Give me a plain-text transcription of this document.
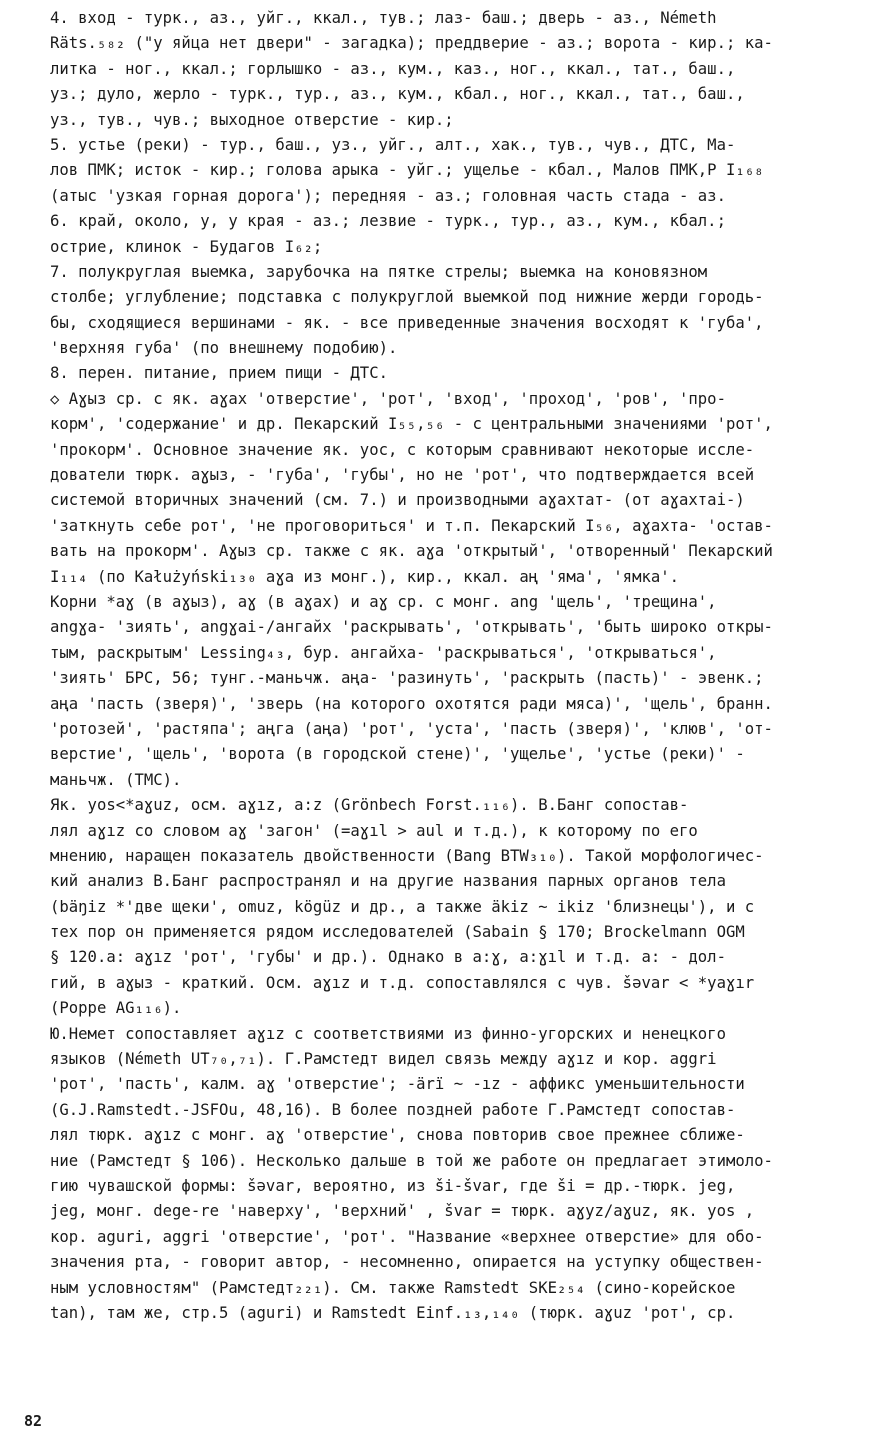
4. вход - турк., аз., уйг., ккал., тув.; лаз- баш.; дверь - аз., Németh
Räts.₅₈₂ ("у яйца нет двери" - загадка); преддверие - аз.; ворота - кир.; ка-
литка - ног., ккал.; горлышко - аз., кум., каз., ног., ккал., тат., баш.,
уз.; дуло, жерло - турк., тур., аз., кум., кбал., ног., ккал., тат., баш.,
уз., тув., чув.; выходное отверстие - кир.;
5. устье (реки) - тур., баш., уз., уйг., алт., хак., тув., чув., ДТС, Ма-
лов ПМК; исток - кир.; голова арыка - уйг.; ущелье - кбал., Малов ПМК,Р I₁₆₈
(атыс 'узкая горная дорога'); передняя - аз.; головная часть стада - аз.
6. край, около, у, у края - аз.; лезвие - турк., тур., аз., кум., кбал.;
острие, клинок - Будагов I₆₂;
7. полукруглая выемка, зарубочка на пятке стрелы; выемка на коновязном
столбе; углубление; подставка с полукруглой выемкой под нижние жерди городь-
бы, сходящиеся вершинами - як. - все приведенные значения восходят к 'губа',
'верхняя губа' (по внешнему подобию).
8. перен. питание, прием пищи - ДТС.
◇ Аɣыз ср. с як. аɣах 'отверстие', 'рот', 'вход', 'проход', 'ров', 'про-
корм', 'содержание' и др. Пекарский I₅₅,₅₆ - с центральными значениями 'рот',
'прокорм'. Основное значение як. уос, с которым сравнивают некоторые иссле-
дователи тюрк. аɣыз, - 'губа', 'губы', но не 'рот', что подтверждается всей
системой вторичных значений (см. 7.) и производными аɣахтат- (от аɣахтаі-)
'заткнуть себе рот', 'не проговориться' и т.п. Пекарский I₅₆, аɣахта- 'остав-
вать на прокорм'. Аɣыз ср. также с як. аɣа 'открытый', 'отворенный' Пекарский
I₁₁₄ (по Kałużyński₁₃₀ аɣа из монг.), кир., ккал. аң 'яма', 'ямка'.
Корни *аɣ (в аɣыз), аɣ (в аɣах) и аɣ ср. с монг. аng 'щель', 'трещина',
angɣa- 'зиять', angɣai-/ангайх 'раскрывать', 'открывать', 'быть широко откры-
тым, раскрытым' Lessing₄₃, бур. ангайха- 'раскрываться', 'открываться',
'зиять' БРС, 56; тунг.-маньчж. аңа- 'разинуть', 'раскрыть (пасть)' - эвенк.;
аңа 'пасть (зверя)', 'зверь (на которого охотятся ради мяса)', 'щель', бранн.
'ротозей', 'растяпа'; аңга (аңа) 'рот', 'уста', 'пасть (зверя)', 'клюв', 'от-
верстие', 'щель', 'ворота (в городской стене)', 'ущелье', 'устье (реки)' -
маньчж. (ТМС).
Як. уоs<*aɣuz, осм. aɣız, a:z (Grönbech Forst.₁₁₆). В.Банг сопостав-
лял aɣız со словом aɣ 'загон' (=aɣıl > aul и т.д.), к которому по его
мнению, наращен показатель двойственности (Bang BTW₃₁₀). Такой морфологичес-
кий анализ В.Банг распространял и на другие названия парных органов тела
(bäŋiz *'две щеки', omuz, kögüz и др., а также äkiz ~ ikiz 'близнецы'), и с
тех пор он применяется рядом исследователей (Sabain § 170; Brockelmann OGM
§ 120.а: aɣız 'рот', 'губы' и др.). Однако в a:ɣ, a:ɣıl и т.д. a: - дол-
гий, в аɣыз - краткий. Осм. aɣız и т.д. сопоставлялся с чув. šǝvar < *yaɣır
(Poppe AG₁₁₆).
Ю.Немет сопоставляет aɣız с соответствиями из финно-угорских и ненецкого
языков (Németh UT₇₀,₇₁). Г.Рамстедт видел связь между aɣız и кор. aggri
'рот', 'пасть', калм. aɣ 'отверстие'; -ärï ~ -ız - аффикс уменьшительности
(G.J.Ramstedt.-JSFOu, 48,16). В более поздней работе Г.Рамстедт сопостав-
лял тюрк. aɣız с монг. aɣ 'отверстие', снова повторив свое прежнее сближе-
ние (Рамстедт § 106). Несколько дальше в той же работе он предлагает этимоло-
гию чувашской формы: šǝvar, вероятно, из ši-švar, где ši = др.-тюрк. jeg,
jeg, монг. dege-re 'наверху', 'верхний' , švar = тюрк. aɣyz/aɣuz, як. уоs ,
кор. aguri, aggri 'отверстие', 'рот'. "Название «верхнее отверстие» для обо-
значения рта, - говорит автор, - несомненно, опирается на уступку обществен-
ным условностям" (Рамстедт₂₂₁). См. также Ramstedt SKE₂₅₄ (сино-корейское
tan), там же, стр.5 (aguri) и Ramstedt Einf.₁₃,₁₄₀ (тюрк. aɣuz 'рот', ср.
82
